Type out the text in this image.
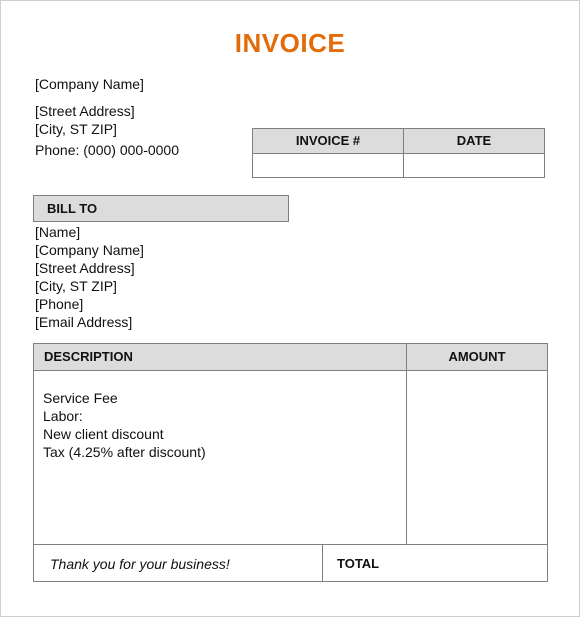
INVOICE
[Company Name]
[Street Address]
[City, ST ZIP]
Phone: (000) 000-0000
INVOICE #	DATE
BILL TO
[Name]
[Company Name]
[Street Address]
[City, ST ZIP]
[Phone]
[Email Address]
DESCRIPTION	AMOUNT
Service Fee
Labor:
New client discount
Tax (4.25% after discount)
Thank you for your business!	TOTAL
